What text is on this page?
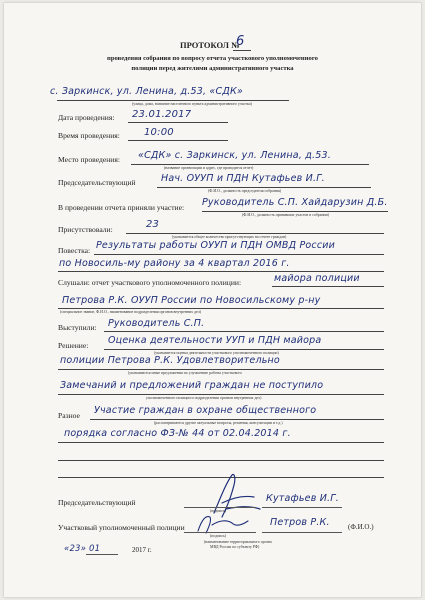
ПРОТОКОЛ №
6
проведения собрания по вопросу отчета участкового уполномоченного
полиции перед жителями административного участка
с. Заркинск, ул. Ленина, д.53, «СДК»
(улица, дома, название населенного пункта административного участка)
Дата проведения: 23.01.2017
Время проведения: 10:00
Место проведения: «СДК» с. Заркинск, ул. Ленина, д.53.
(название организации и адрес, где проводится отчет)
Председательствующий	Нач. ОУУП и ПДН Кутафьев И.Г.
(Ф.И.О., должность председателя собрания)
В проведении отчета приняли участие: Руководитель С.П. Хайдарузин Д.Б.
(Ф.И.О., должность принявших участие в собрании)
Присутствовали:	23
(указывается общее количество присутствующих на отчете граждан)
Повестка: Результаты работы ОУУП и ПДН ОМВД России
по Новосиль-му району за 4 квартал 2016 г.
Слушали: отчет участкового уполномоченного полиции:	майора полиции
Петрова Р.К. ОУУП России по Новосильскому р-ну
(специальное звание, Ф.И.О., наименование подразделения органов внутренних дел)
Выступили: Руководитель С.П.
Решение: Оценка деятельности УУП и ПДН майора
(указывается оценка деятельности участкового уполномоченного полиции)
полиции Петрова Р.К. Удовлетворительно
(указываются иные предложения по улучшению работы участкового
Замечаний и предложений граждан не поступило
уполномоченного полиции и подразделения органов внутренних дел)
Разное Участие граждан в охране общественного
(рассматриваются другие актуальные вопросы, решения, консультации и т.д.)
порядка согласно ФЗ-№ 44 от 02.04.2014 г.
Председательствующий
(подпись)
Кутафьев И.Г.
Участковый уполномоченный полиции
(подпись)
(наименование территориального органа
МВД России по субъекту РФ)
Петров Р.К.	(Ф.И.О.)
«23» 01	2017 г.
